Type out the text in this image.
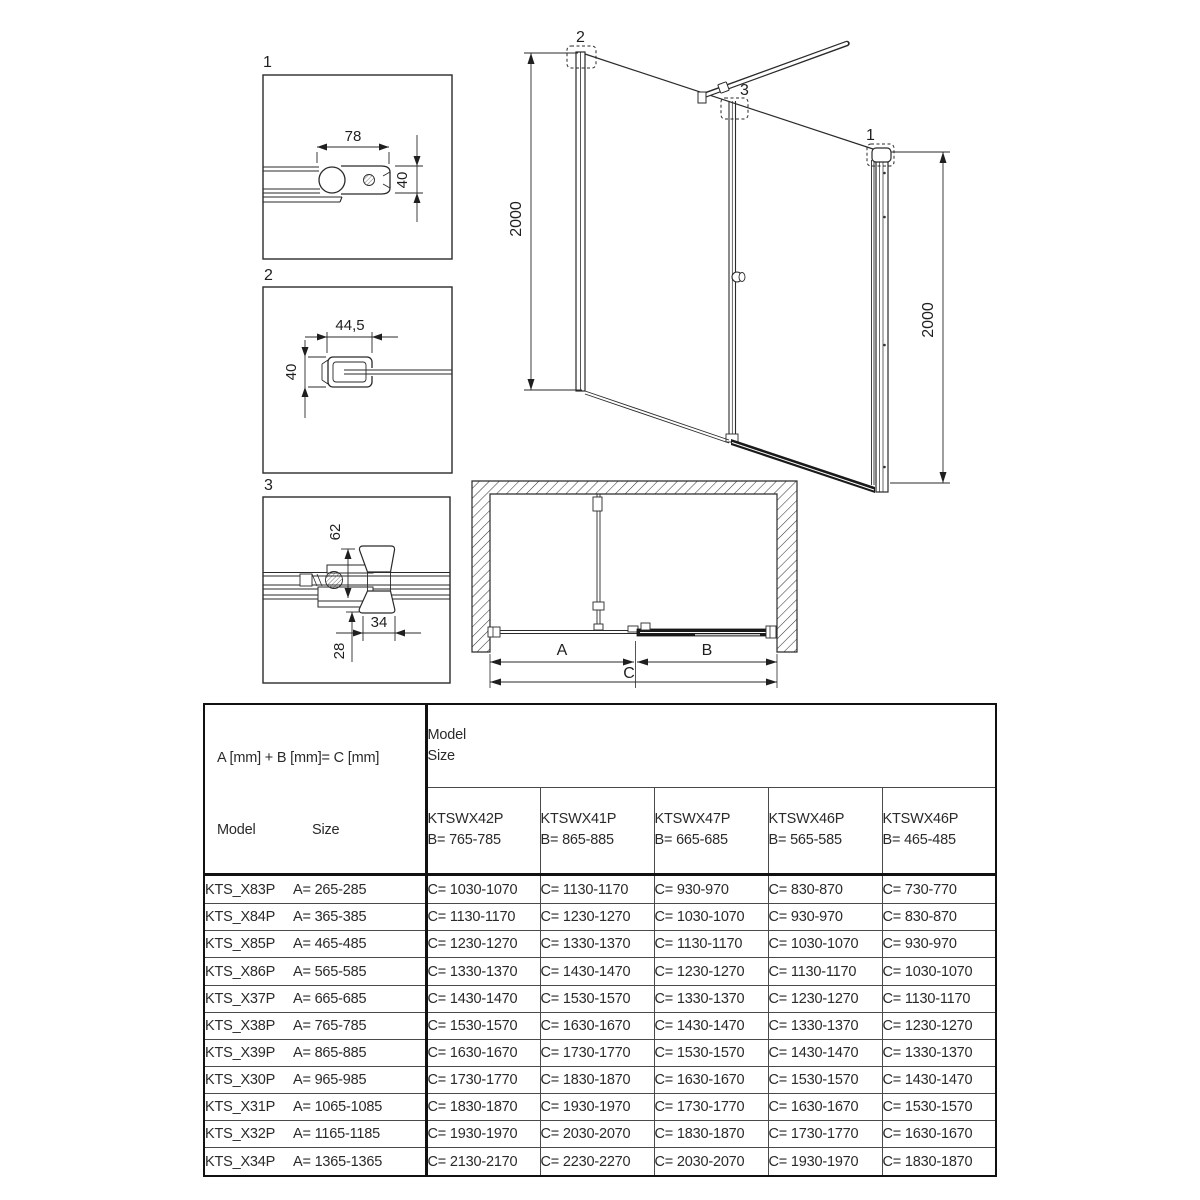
1
78
40
2
44,5
40
3
62
34
28
2
3
1
2000
2000
A	B
C
A [mm] + B [mm]= C [mm]
Model	Size

Model
Size

KTSWX42P
B= 765-785

KTSWX41P
B= 865-885

KTSWX47P
B= 665-685

KTSWX46P
B= 565-585

KTSWX46P
B= 465-485

KTS_X83P A= 265-285	C= 1030-1070	C= 1130-1170	C= 930-970	C= 830-870	C= 730-770
KTS_X84P A= 365-385	C= 1130-1170	C= 1230-1270	C= 1030-1070	C= 930-970	C= 830-870
KTS_X85P A= 465-485	C= 1230-1270	C= 1330-1370	C= 1130-1170	C= 1030-1070	C= 930-970
KTS_X86P A= 565-585	C= 1330-1370	C= 1430-1470	C= 1230-1270	C= 1130-1170	C= 1030-1070
KTS_X37P A= 665-685	C= 1430-1470	C= 1530-1570	C= 1330-1370	C= 1230-1270	C= 1130-1170
KTS_X38P A= 765-785	C= 1530-1570	C= 1630-1670	C= 1430-1470	C= 1330-1370	C= 1230-1270
KTS_X39P A= 865-885	C= 1630-1670	C= 1730-1770	C= 1530-1570	C= 1430-1470	C= 1330-1370
KTS_X30P A= 965-985	C= 1730-1770	C= 1830-1870	C= 1630-1670	C= 1530-1570	C= 1430-1470
KTS_X31P A= 1065-1085	C= 1830-1870	C= 1930-1970	C= 1730-1770	C= 1630-1670	C= 1530-1570
KTS_X32P A= 1165-1185	C= 1930-1970	C= 2030-2070	C= 1830-1870	C= 1730-1770	C= 1630-1670
KTS_X34P A= 1365-1365	C= 2130-2170	C= 2230-2270	C= 2030-2070	C= 1930-1970	C= 1830-1870
